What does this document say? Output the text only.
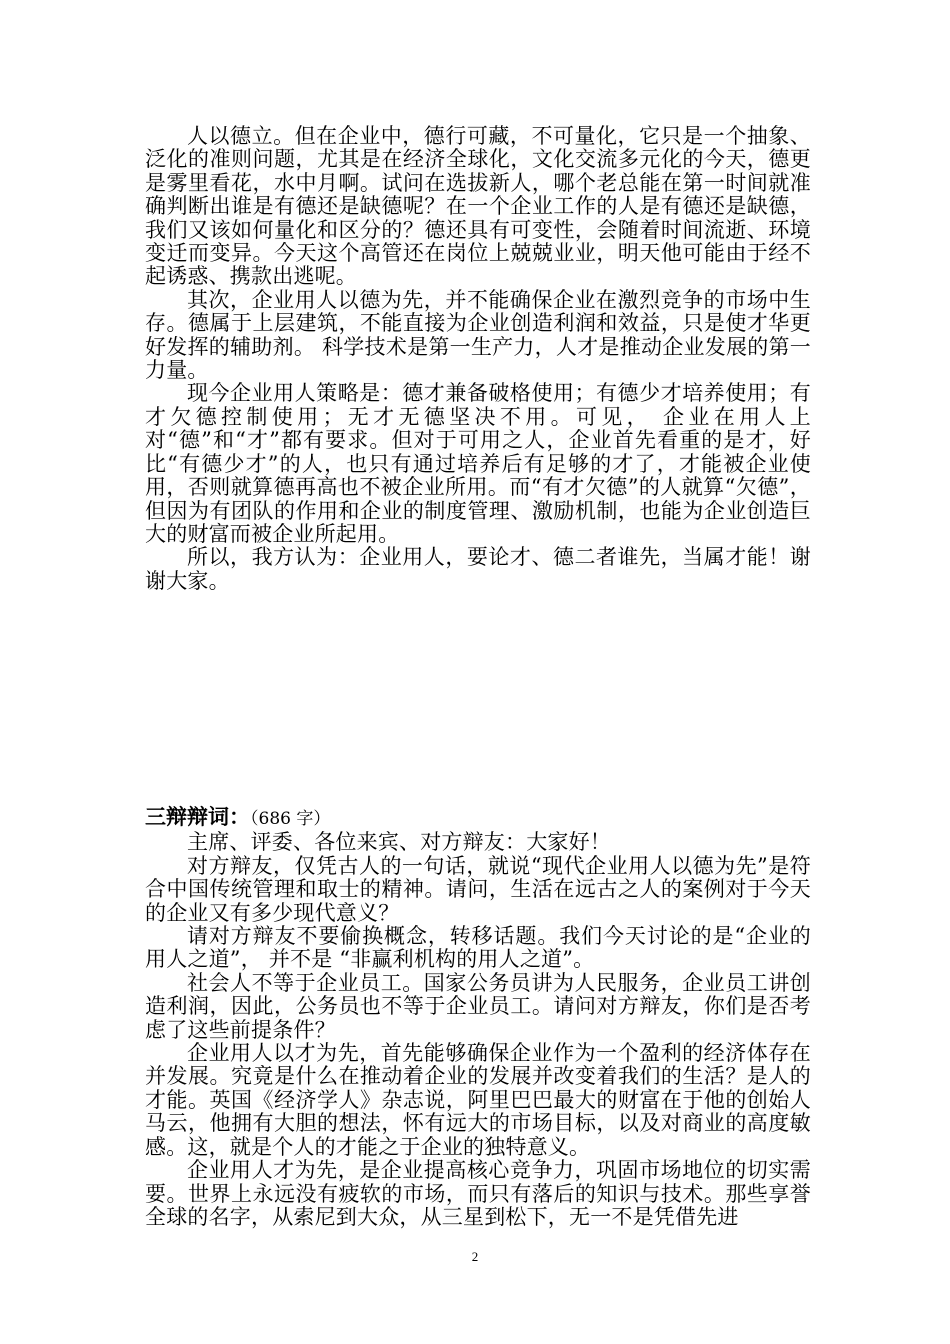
人以德立。但在企业中，德行可藏，不可量化，它只是一个抽象、泛化的准则问题，尤其是在经济全球化，文化交流多元化的今天，德更是雾里看花，水中月啊。试问在选拔新人，哪个老总能在第一时间就准确判断出谁是有德还是缺德呢？在一个企业工作的人是有德还是缺德，我们又该如何量化和区分的？德还具有可变性，会随着时间流逝、环境变迁而变异。今天这个高管还在岗位上兢兢业业，明天他可能由于经不起诱惑、携款出逃呢。

其次，企业用人以德为先，并不能确保企业在激烈竞争的市场中生存。德属于上层建筑，不能直接为企业创造利润和效益，只是使才华更好发挥的辅助剂。 科学技术是第一生产力，人才是推动企业发展的第一力量。

现今企业用人策略是：德才兼备破格使用；有德少才培养使用；有才欠德控制使用；无才无德坚决不用。可见， 企业在用人上对“德”和“才”都有要求。但对于可用之人，企业首先看重的是才，好比“有德少才”的人，也只有通过培养后有足够的才了，才能被企业使用，否则就算德再高也不被企业所用。而“有才欠德”的人就算“欠德”，但因为有团队的作用和企业的制度管理、激励机制，也能为企业创造巨大的财富而被企业所起用。

所以，我方认为：企业用人，要论才、德二者谁先，当属才能！谢谢大家。

三辩辩词：（686 字）

主席、评委、各位来宾、对方辩友：大家好！

对方辩友，仅凭古人的一句话，就说“现代企业用人以德为先”是符合中国传统管理和取士的精神。请问，生活在远古之人的案例对于今天的企业又有多少现代意义？

请对方辩友不要偷换概念，转移话题。我们今天讨论的是“企业的用人之道”， 并不是 “非赢利机构的用人之道”。

社会人不等于企业员工。国家公务员讲为人民服务，企业员工讲创造利润，因此，公务员也不等于企业员工。请问对方辩友，你们是否考虑了这些前提条件？

企业用人以才为先，首先能够确保企业作为一个盈利的经济体存在并发展。究竟是什么在推动着企业的发展并改变着我们的生活？是人的才能。英国《经济学人》杂志说，阿里巴巴最大的财富在于他的创始人马云，他拥有大胆的想法，怀有远大的市场目标，以及对商业的高度敏感。这，就是个人的才能之于企业的独特意义。

企业用人才为先，是企业提高核心竞争力，巩固市场地位的切实需要。世界上永远没有疲软的市场，而只有落后的知识与技术。那些享誉全球的名字，从索尼到大众，从三星到松下，无一不是凭借先进

2
